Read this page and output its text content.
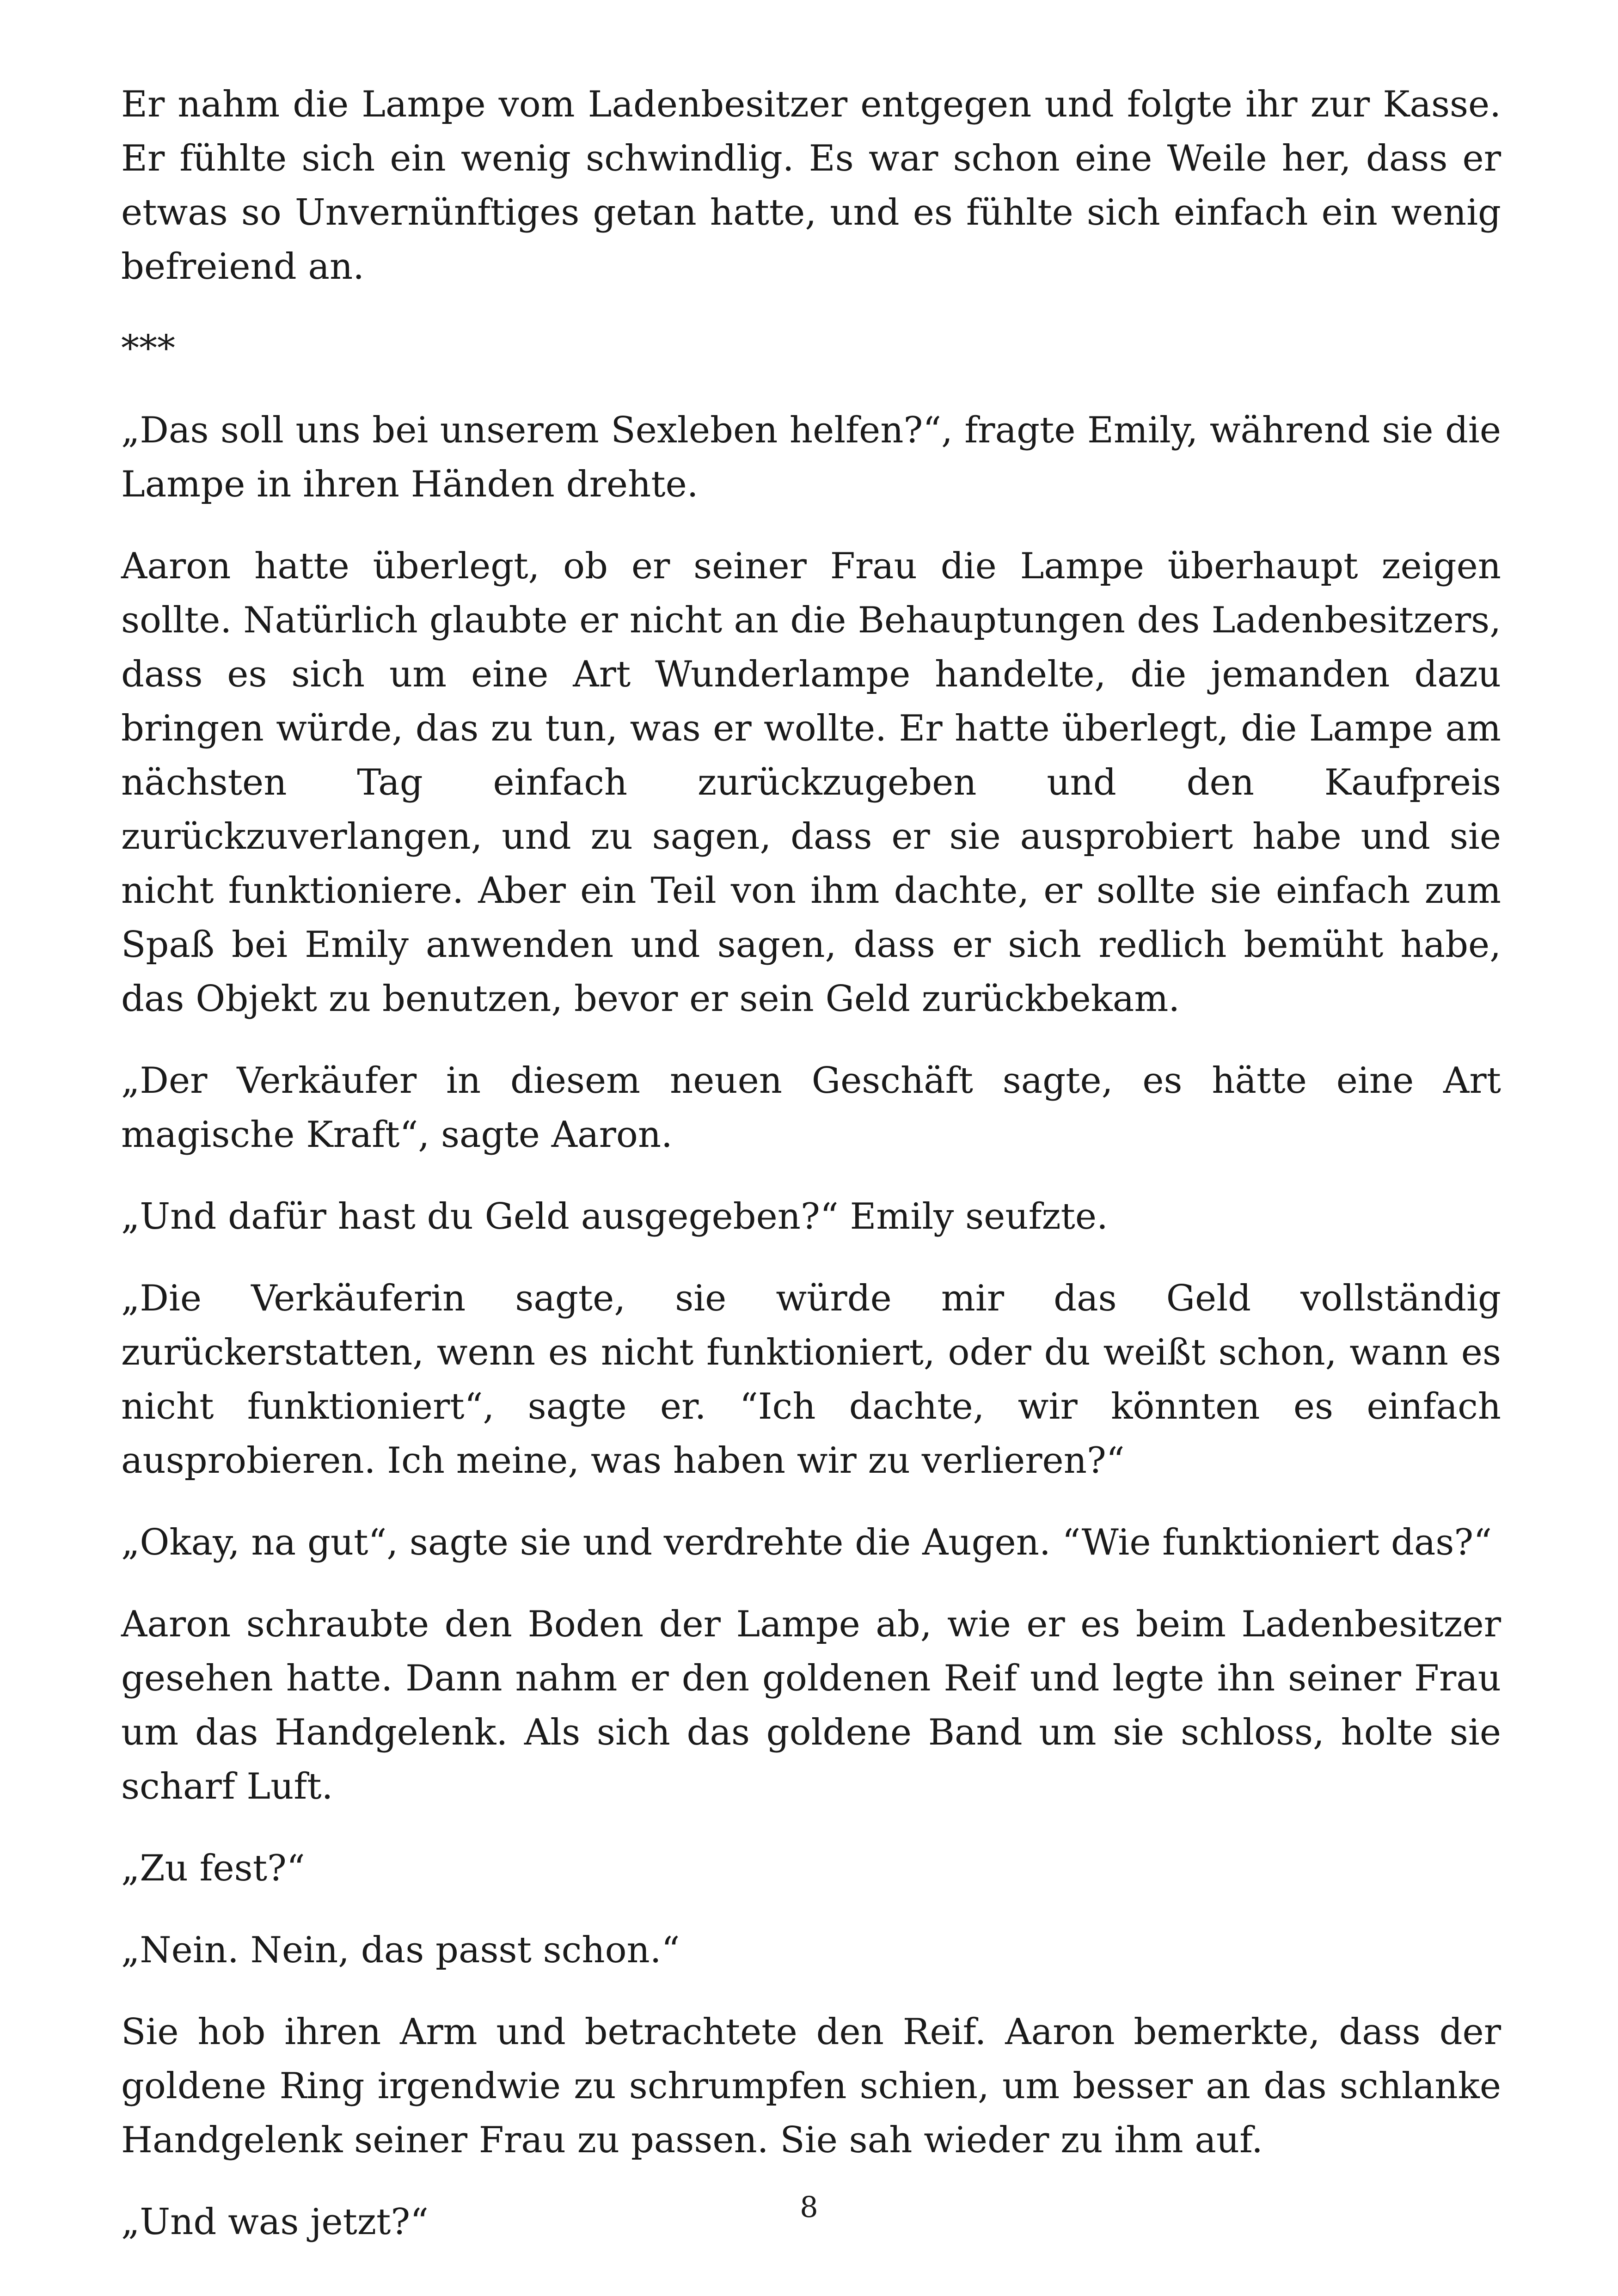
Er nahm die Lampe vom Ladenbesitzer entgegen und folgte ihr zur Kasse. Er fühlte sich ein wenig schwindlig. Es war schon eine Weile her, dass er etwas so Unvernünftiges getan hatte, und es fühlte sich einfach ein wenig befreiend an.

***

„Das soll uns bei unserem Sexleben helfen?“, fragte Emily, während sie die Lampe in ihren Händen drehte.

Aaron hatte überlegt, ob er seiner Frau die Lampe überhaupt zeigen sollte. Natürlich glaubte er nicht an die Behauptungen des Ladenbesitzers, dass es sich um eine Art Wunderlampe handelte, die jemanden dazu bringen würde, das zu tun, was er wollte. Er hatte überlegt, die Lampe am nächsten Tag einfach zurückzugeben und den Kaufpreis zurückzuverlangen, und zu sagen, dass er sie ausprobiert habe und sie nicht funktioniere. Aber ein Teil von ihm dachte, er sollte sie einfach zum Spaß bei Emily anwenden und sagen, dass er sich redlich bemüht habe, das Objekt zu benutzen, bevor er sein Geld zurückbekam.

„Der Verkäufer in diesem neuen Geschäft sagte, es hätte eine Art magische Kraft“, sagte Aaron.

„Und dafür hast du Geld ausgegeben?“ Emily seufzte.

„Die Verkäuferin sagte, sie würde mir das Geld vollständig zurückerstatten, wenn es nicht funktioniert, oder du weißt schon, wann es nicht funktioniert“, sagte er. “Ich dachte, wir könnten es einfach ausprobieren. Ich meine, was haben wir zu verlieren?“

„Okay, na gut“, sagte sie und verdrehte die Augen. “Wie funktioniert das?“

Aaron schraubte den Boden der Lampe ab, wie er es beim Ladenbesitzer gesehen hatte. Dann nahm er den goldenen Reif und legte ihn seiner Frau um das Handgelenk. Als sich das goldene Band um sie schloss, holte sie scharf Luft.

„Zu fest?“

„Nein. Nein, das passt schon.“

Sie hob ihren Arm und betrachtete den Reif. Aaron bemerkte, dass der goldene Ring irgendwie zu schrumpfen schien, um besser an das schlanke Handgelenk seiner Frau zu passen. Sie sah wieder zu ihm auf.

„Und was jetzt?“	8
